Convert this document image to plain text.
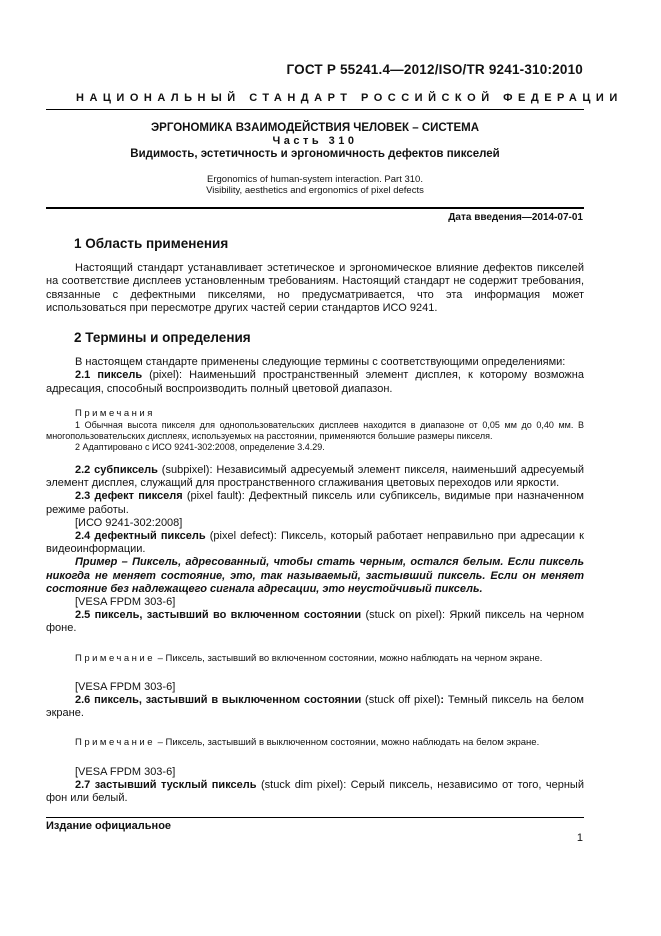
ГОСТ Р 55241.4—2012/ISO/TR 9241-310:2010
НАЦИОНАЛЬНЫЙ СТАНДАРТ РОССИЙСКОЙ ФЕДЕРАЦИИ
ЭРГОНОМИКА ВЗАИМОДЕЙСТВИЯ ЧЕЛОВЕК – СИСТЕМА
Часть 310
Видимость, эстетичность и эргономичность дефектов пикселей
Ergonomics of human-system interaction. Part 310.
Visibility, aesthetics and ergonomics of pixel defects
Дата введения—2014-07-01

1 Область применения

Настоящий стандарт устанавливает эстетическое и эргономическое влияние дефектов пикселей на соответствие дисплеев установленным требованиям. Настоящий стандарт не содержит требования, связанные с дефектными пикселями, но предусматривается, что эта информация может использоваться при пересмотре других частей серии стандартов ИСО 9241.

2 Термины и определения

В настоящем стандарте применены следующие термины с соответствующими определениями:

2.1 пиксель (pixel): Наименьший пространственный элемент дисплея, к которому возможна адресация, способный воспроизводить полный цветовой диапазон.

Примечания

1 Обычная высота пикселя для однопользовательских дисплеев находится в диапазоне от 0,05 мм до 0,40 мм. В многопользовательских дисплеях, используемых на расстоянии, применяются большие размеры пикселя.

2 Адаптировано с ИСО 9241-302:2008, определение 3.4.29.

2.2 субпиксель (subpixel): Независимый адресуемый элемент пикселя, наименьший адресуемый элемент дисплея, служащий для пространственного сглаживания цветовых переходов или яркости.

2.3 дефект пикселя (pixel fault): Дефектный пиксель или субпиксель, видимые при назначенном режиме работы.

[ИСО 9241-302:2008]

2.4 дефектный пиксель (pixel defect): Пиксель, который работает неправильно при адресации к видеоинформации.

Пример – Пиксель, адресованный, чтобы стать черным, остался белым. Если пиксель никогда не меняет состояние, это, так называемый, застывший пиксель. Если он меняет состояние без надлежащего сигнала адресации, это неустойчивый пиксель.

[VESA FPDM 303-6]

2.5 пиксель, застывший во включенном состоянии (stuck on pixel): Яркий пиксель на черном фоне.

Примечание – Пиксель, застывший во включенном состоянии, можно наблюдать на черном экране.

[VESA FPDM 303-6]

2.6 пиксель, застывший в выключенном состоянии (stuck off pixel): Темный пиксель на белом экране.

Примечание – Пиксель, застывший в выключенном состоянии, можно наблюдать на белом экране.

[VESA FPDM 303-6]

2.7 застывший тусклый пиксель (stuck dim pixel): Серый пиксель, независимо от того, черный фон или белый.

Издание официальное
1
